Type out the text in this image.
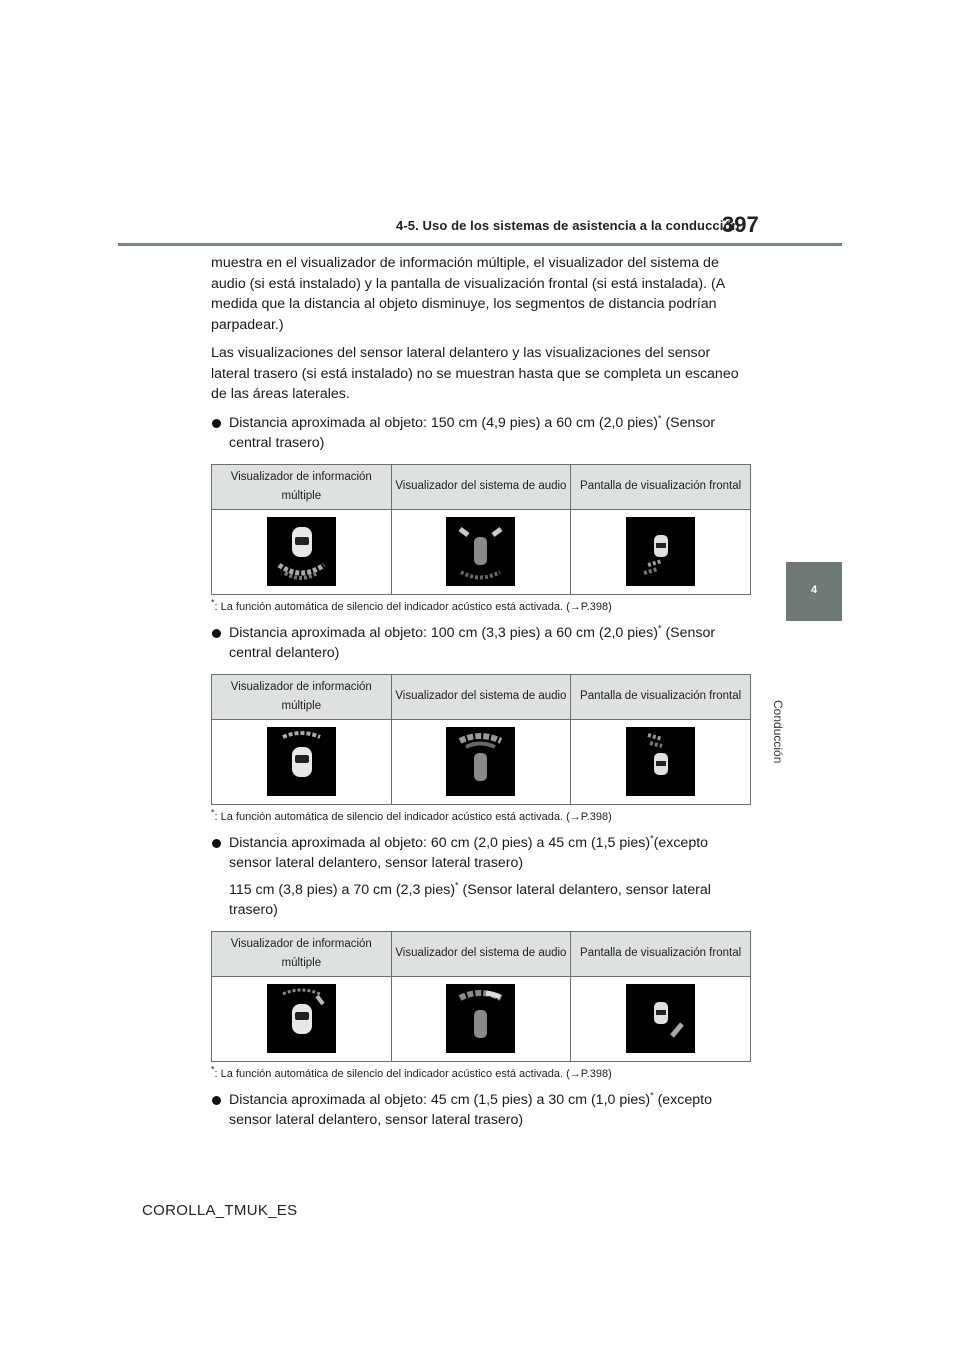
4-5. Uso de los sistemas de asistencia a la conducción
397
4
Conducción

muestra en el visualizador de información múltiple, el visualizador del sistema de audio (si está instalado) y la pantalla de visualización frontal (si está instalada). (A medida que la distancia al objeto disminuye, los segmentos de distancia podrían parpadear.)

Las visualizaciones del sensor lateral delantero y las visualizaciones del sensor lateral trasero (si está instalado) no se muestran hasta que se completa un escaneo de las áreas laterales.

Distancia aproximada al objeto: 150 cm (4,9 pies) a 60 cm (2,0 pies)* (Sensor central trasero)

Visualizador de información múltiple	Visualizador del sistema de audio	Pantalla de visualización frontal

*: La función automática de silencio del indicador acústico está activada. (→P.398)

Distancia aproximada al objeto: 100 cm (3,3 pies) a 60 cm (2,0 pies)* (Sensor central delantero)

Visualizador de información múltiple	Visualizador del sistema de audio	Pantalla de visualización frontal

*: La función automática de silencio del indicador acústico está activada. (→P.398)

Distancia aproximada al objeto: 60 cm (2,0 pies) a 45 cm (1,5 pies)*(excepto sensor lateral delantero, sensor lateral trasero)

115 cm (3,8 pies) a 70 cm (2,3 pies)* (Sensor lateral delantero, sensor lateral trasero)

Visualizador de información múltiple	Visualizador del sistema de audio	Pantalla de visualización frontal

*: La función automática de silencio del indicador acústico está activada. (→P.398)

Distancia aproximada al objeto: 45 cm (1,5 pies) a 30 cm (1,0 pies)* (excepto sensor lateral delantero, sensor lateral trasero)

COROLLA_TMUK_ES
